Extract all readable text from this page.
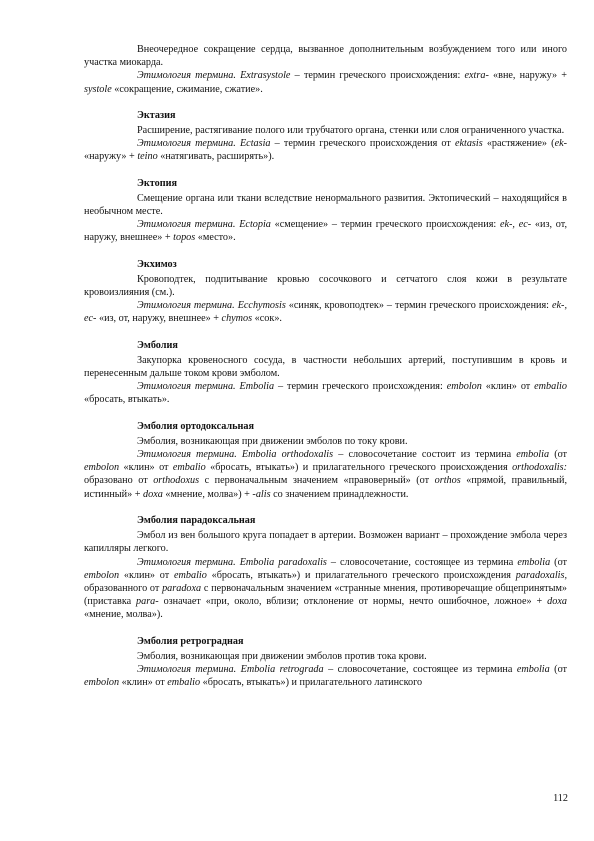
Внеочередное сокращение сердца, вызванное дополнительным возбуждением того или иного участка миокарда.

Этимология термина. Extrasystole – термин греческого происхождения: extra- «вне, наружу» + systole «сокращение, сжимание, сжатие».

Эктазия

Расширение, растягивание полого или трубчатого органа, стенки или слоя ограниченного участка.

Этимология термина. Ectasia – термин греческого происхождения от ektasis «растяжение» (ek- «наружу» + teino «натягивать, расширять»).

Эктопия

Смещение органа или ткани вследствие ненормального развития. Эктопический – находящийся в необычном месте.

Этимология термина. Ectopia «смещение» – термин греческого происхождения: ek-, ec- «из, от, наружу, внешнее» + topos «место».

Экхимоз

Кровоподтек, подпитывание кровью сосочкового и сетчатого слоя кожи в результате кровоизлияния (см.).

Этимология термина. Ecchymosis «синяк, кровоподтек» – термин греческого происхождения: ek-, ec- «из, от, наружу, внешнее» + chymos «сок».

Эмболия

Закупорка кровеносного сосуда, в частности небольших артерий, поступившим в кровь и перенесенным дальше током крови эмболом.

Этимология термина. Embolia – термин греческого происхождения: embolon «клин» от embalio «бросать, втыкать».

Эмболия ортодоксальная

Эмболия, возникающая при движении эмболов по току крови.

Этимология термина. Embolia orthodoxalis – словосочетание состоит из термина embolia (от embolon «клин» от embalio «бросать, втыкать») и прилагательного греческого происхождения orthodoxalis: образовано от orthodoxus с первоначальным значением «правоверный» (от orthos «прямой, правильный, истинный» + doxa «мнение, молва») + -alis со значением принадлежности.

Эмболия парадоксальная

Эмбол из вен большого круга попадает в артерии. Возможен вариант – прохождение эмбола через капилляры легкого.

Этимология термина. Embolia paradoxalis – словосочетание, состоящее из термина embolia (от embolon «клин» от embalio «бросать, втыкать») и прилагательного греческого происхождения paradoxalis, образованного от paradoxa с первоначальным значением «странные мнения, противоречащие общепринятым» (приставка para- означает «при, около, вблизи; отклонение от нормы, нечто ошибочное, ложное» + doxa «мнение, молва»).

Эмболия ретроградная

Эмболия, возникающая при движении эмболов против тока крови.

Этимология термина. Embolia retrograda – словосочетание, состоящее из термина embolia (от embolon «клин» от embalio «бросать, втыкать») и прилагательного латинского

112
